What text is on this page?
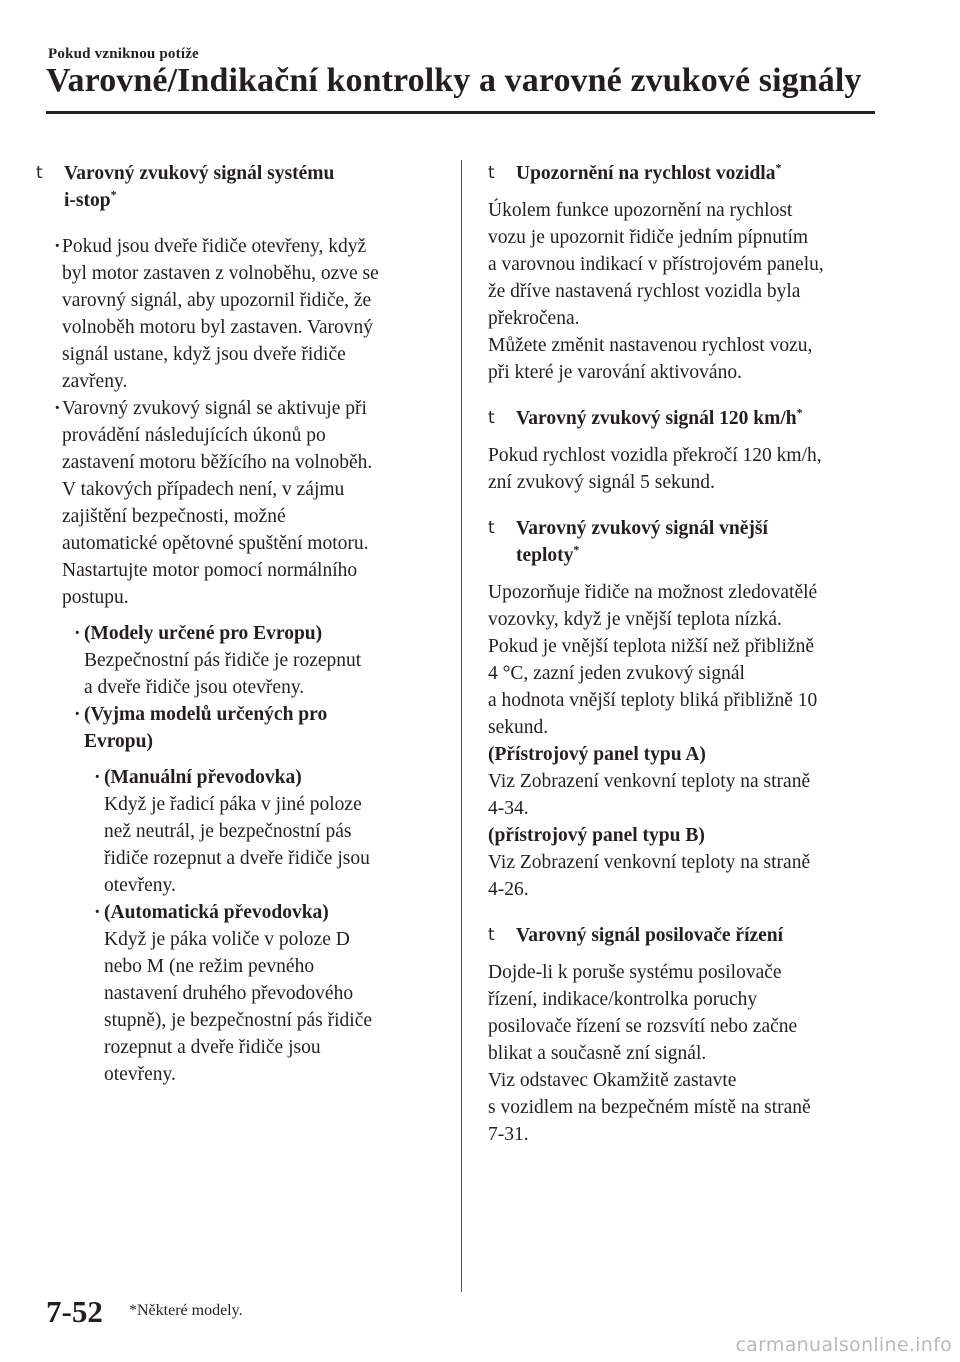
Pokud vzniknou potíže
Varovné/Indikační kontrolky a varovné zvukové signály
t Varovný zvukový signál systému
i-stop*
· Pokud jsou dveře řidiče otevřeny, když
byl motor zastaven z volnoběhu, ozve se
varovný signál, aby upozornil řidiče, že
volnoběh motoru byl zastaven. Varovný
signál ustane, když jsou dveře řidiče
zavřeny.
· Varovný zvukový signál se aktivuje při
provádění následujících úkonů po
zastavení motoru běžícího na volnoběh.
V takových případech není, v zájmu
zajištění bezpečnosti, možné
automatické opětovné spuštění motoru.
Nastartujte motor pomocí normálního
postupu.
· (Modely určené pro Evropu)
Bezpečnostní pás řidiče je rozepnut
a dveře řidiče jsou otevřeny.
· (Vyjma modelů určených pro
Evropu)
· (Manuální převodovka)
Když je řadicí páka v jiné poloze
než neutrál, je bezpečnostní pás
řidiče rozepnut a dveře řidiče jsou
otevřeny.
· (Automatická převodovka)
Když je páka voliče v poloze D
nebo M (ne režim pevného
nastavení druhého převodového
stupně), je bezpečnostní pás řidiče
rozepnut a dveře řidiče jsou
otevřeny.
t Upozornění na rychlost vozidla*
Úkolem funkce upozornění na rychlost
vozu je upozornit řidiče jedním pípnutím
a varovnou indikací v přístrojovém panelu,
že dříve nastavená rychlost vozidla byla
překročena.
Můžete změnit nastavenou rychlost vozu,
při které je varování aktivováno.
t Varovný zvukový signál 120 km/h*
Pokud rychlost vozidla překročí 120 km/h,
zní zvukový signál 5 sekund.
t Varovný zvukový signál vnější
teploty*
Upozorňuje řidiče na možnost zledovatělé
vozovky, když je vnější teplota nízká.
Pokud je vnější teplota nižší než přibližně
4 °C, zazní jeden zvukový signál
a hodnota vnější teploty bliká přibližně 10
sekund.
(Přístrojový panel typu A)
Viz Zobrazení venkovní teploty na straně
4-34.
(přístrojový panel typu B)
Viz Zobrazení venkovní teploty na straně
4-26.
t Varovný signál posilovače řízení
Dojde-li k poruše systému posilovače
řízení, indikace/kontrolka poruchy
posilovače řízení se rozsvítí nebo začne
blikat a současně zní signál.
Viz odstavec Okamžitě zastavte
s vozidlem na bezpečném místě na straně
7-31.
7-52 *Některé modely.
carmanualsonline.info
